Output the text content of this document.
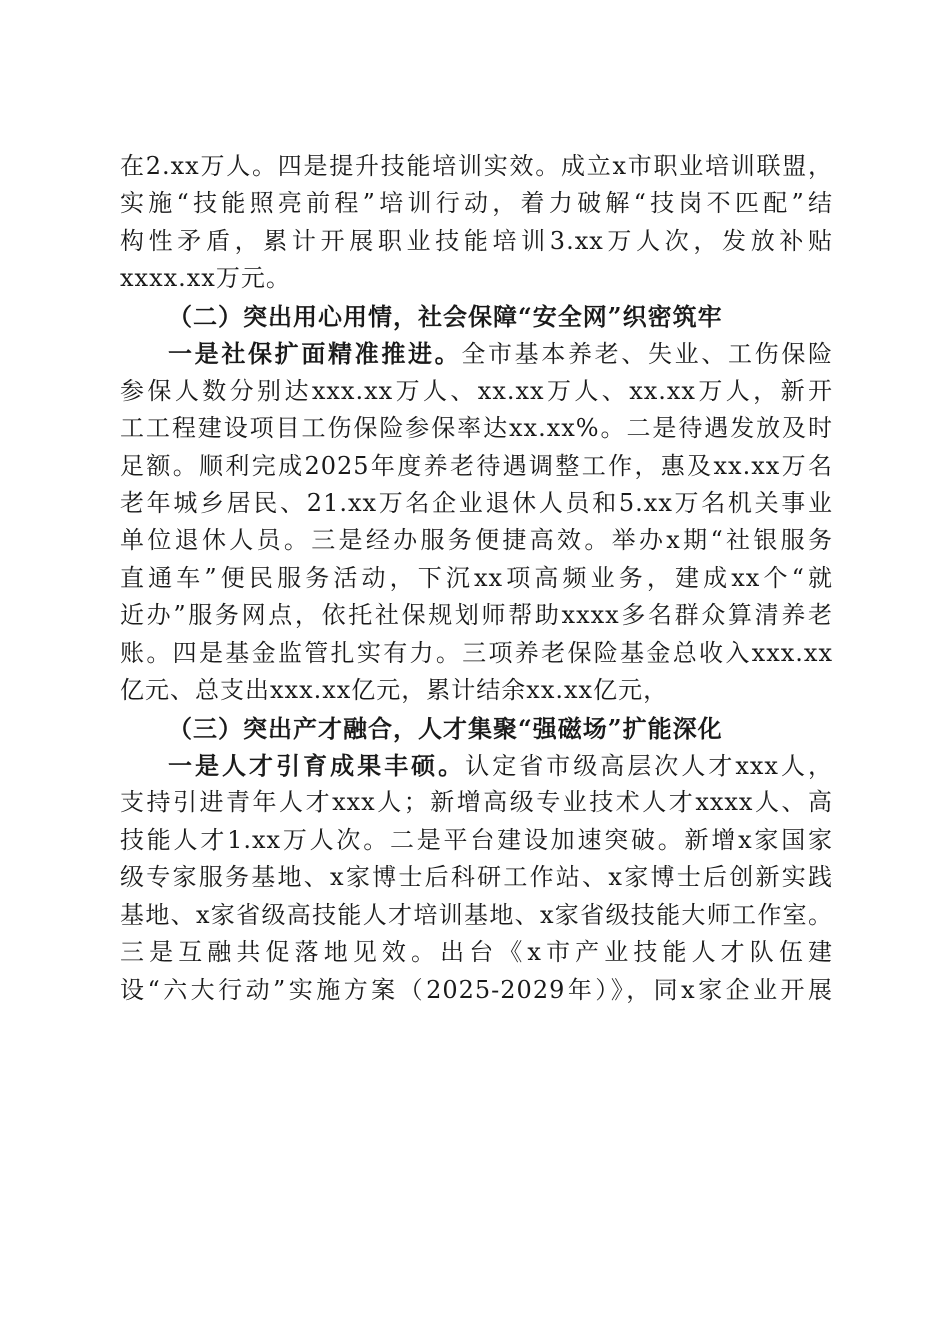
在2.xx万人。四是提升技能培训实效。成立x市职业培训联盟，
实施“技能照亮前程”培训行动，着力破解“技岗不匹配”结
构性矛盾，累计开展职业技能培训3.xx万人次，发放补贴
xxxx.xx万元。
（二）突出用心用情，社会保障“安全网”织密筑牢
一是社保扩面精准推进。全市基本养老、失业、工伤保险
参保人数分别达xxx.xx万人、xx.xx万人、xx.xx万人，新开
工工程建设项目工伤保险参保率达xx.xx%。二是待遇发放及时
足额。顺利完成2025年度养老待遇调整工作，惠及xx.xx万名
老年城乡居民、21.xx万名企业退休人员和5.xx万名机关事业
单位退休人员。三是经办服务便捷高效。举办x期“社银服务
直通车”便民服务活动，下沉xx项高频业务，建成xx个“就
近办”服务网点，依托社保规划师帮助xxxx多名群众算清养老
账。四是基金监管扎实有力。三项养老保险基金总收入xxx.xx
亿元、总支出xxx.xx亿元，累计结余xx.xx亿元，
（三）突出产才融合，人才集聚“强磁场”扩能深化
一是人才引育成果丰硕。认定省市级高层次人才xxx人，
支持引进青年人才xxx人；新增高级专业技术人才xxxx人、高
技能人才1.xx万人次。二是平台建设加速突破。新增x家国家
级专家服务基地、x家博士后科研工作站、x家博士后创新实践
基地、x家省级高技能人才培训基地、x家省级技能大师工作室。
三是互融共促落地见效。出台《x市产业技能人才队伍建
设“六大行动”实施方案（2025-2029年）》，同x家企业开展
